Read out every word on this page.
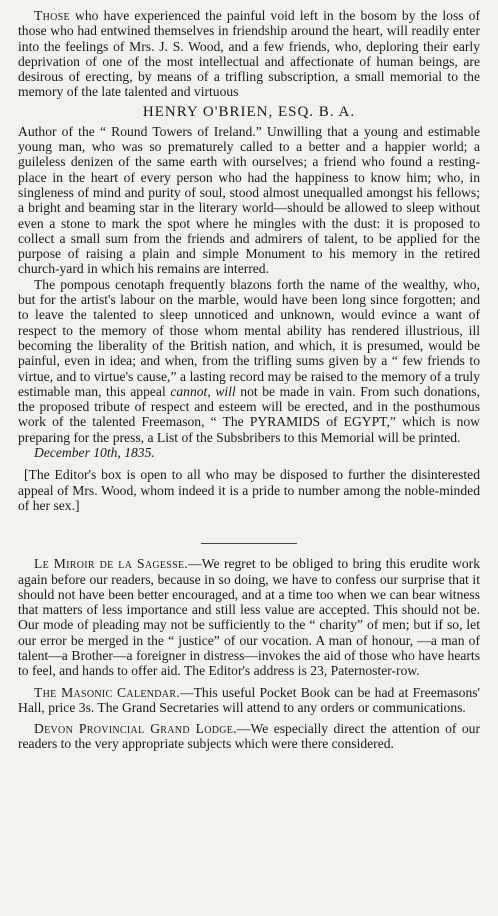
Those who have experienced the painful void left in the bosom by the loss of those who had entwined themselves in friendship around the heart, will readily enter into the feelings of Mrs. J. S. Wood, and a few friends, who, deploring their early deprivation of one of the most intellectual and affectionate of human beings, are desirous of erecting, by means of a trifling subscription, a small memorial to the memory of the late talented and virtuous

HENRY O'BRIEN, ESQ. B. A.

Author of the “ Round Towers of Ireland.” Unwilling that a young and estimable young man, who was so prematurely called to a better and a happier world; a guileless denizen of the same earth with ourselves; a friend who found a resting-place in the heart of every person who had the happiness to know him; who, in singleness of mind and purity of soul, stood almost unequalled amongst his fellows; a bright and beaming star in the literary world—should be allowed to sleep without even a stone to mark the spot where he mingles with the dust: it is proposed to collect a small sum from the friends and admirers of talent, to be applied for the purpose of raising a plain and simple Monument to his memory in the retired church-yard in which his remains are interred.

The pompous cenotaph frequently blazons forth the name of the wealthy, who, but for the artist's labour on the marble, would have been long since forgotten; and to leave the talented to sleep unnoticed and unknown, would evince a want of respect to the memory of those whom mental ability has rendered illustrious, ill becoming the liberality of the British nation, and which, it is presumed, would be painful, even in idea; and when, from the trifling sums given by a “ few friends to virtue, and to virtue's cause,” a lasting record may be raised to the memory of a truly estimable man, this appeal cannot, will not be made in vain. From such donations, the proposed tribute of respect and esteem will be erected, and in the posthumous work of the talented Freemason, “ The PYRAMIDS of EGYPT,” which is now preparing for the press, a List of the Subsbribers to this Memorial will be printed.

December 10th, 1835.

[The Editor's box is open to all who may be disposed to further the disinterested appeal of Mrs. Wood, whom indeed it is a pride to number among the noble-minded of her sex.]

Le Miroir de la Sagesse.—We regret to be obliged to bring this erudite work again before our readers, because in so doing, we have to confess our surprise that it should not have been better encouraged, and at a time too when we can bear witness that matters of less importance and still less value are accepted. This should not be. Our mode of pleading may not be sufficiently to the “ charity” of men; but if so, let our error be merged in the “ justice” of our vocation. A man of honour, —a man of talent—a Brother—a foreigner in distress—invokes the aid of those who have hearts to feel, and hands to offer aid. The Editor's address is 23, Paternoster-row.

The Masonic Calendar.—This useful Pocket Book can be had at Freemasons' Hall, price 3s. The Grand Secretaries will attend to any orders or communications.

Devon Provincial Grand Lodge.—We especially direct the attention of our readers to the very appropriate subjects which were there considered.
